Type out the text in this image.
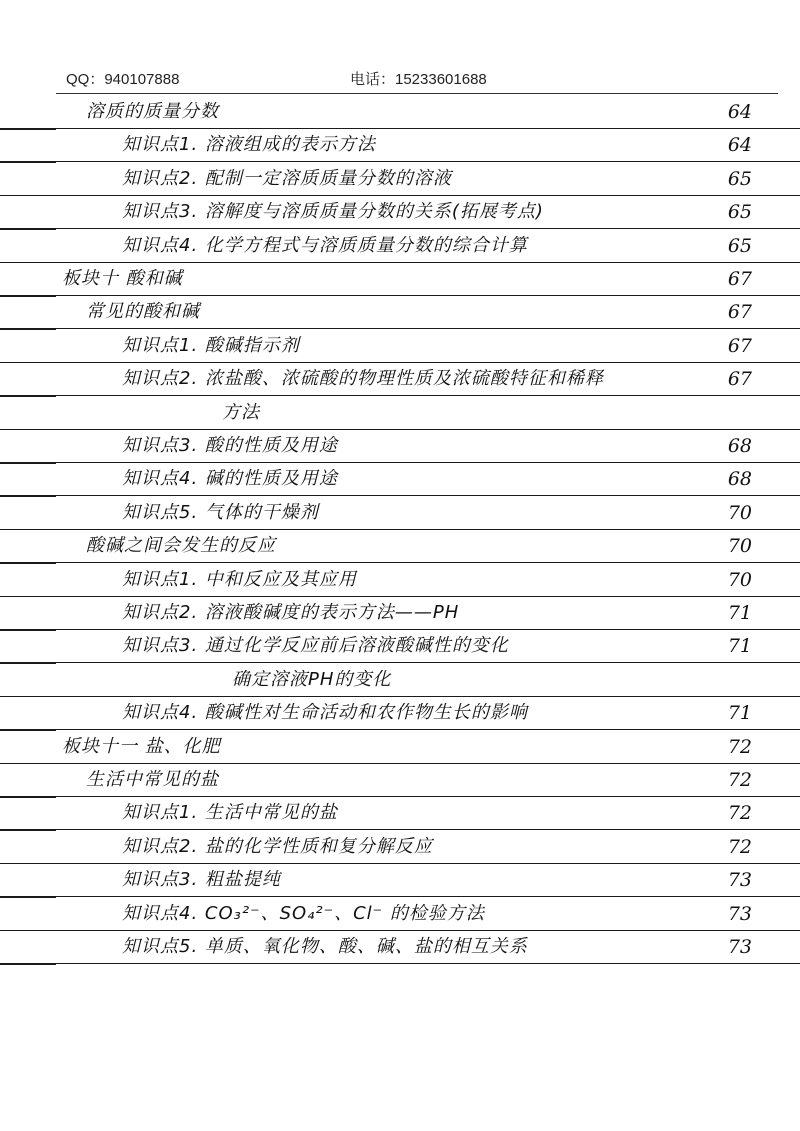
QQ：940107888	电话：15233601688
溶质的质量分数	64
知识点1. 溶液组成的表示方法	64
知识点2. 配制一定溶质质量分数的溶液	65
知识点3. 溶解度与溶质质量分数的关系(拓展考点)	65
知识点4. 化学方程式与溶质质量分数的综合计算	65
板块十 酸和碱	67
常见的酸和碱	67
知识点1. 酸碱指示剂	67
知识点2. 浓盐酸、浓硫酸的物理性质及浓硫酸特征和稀释	67
方法
知识点3. 酸的性质及用途	68
知识点4. 碱的性质及用途	68
知识点5. 气体的干燥剂	70
酸碱之间会发生的反应	70
知识点1. 中和反应及其应用	70
知识点2. 溶液酸碱度的表示方法——PH	71
知识点3. 通过化学反应前后溶液酸碱性的变化	71
确定溶液PH的变化
知识点4. 酸碱性对生命活动和农作物生长的影响	71
板块十一 盐、化肥	72
生活中常见的盐	72
知识点1. 生活中常见的盐	72
知识点2. 盐的化学性质和复分解反应	72
知识点3. 粗盐提纯	73
知识点4. CO₃²⁻、SO₄²⁻、Cl⁻ 的检验方法	73
知识点5. 单质、氧化物、酸、碱、盐的相互关系	73
